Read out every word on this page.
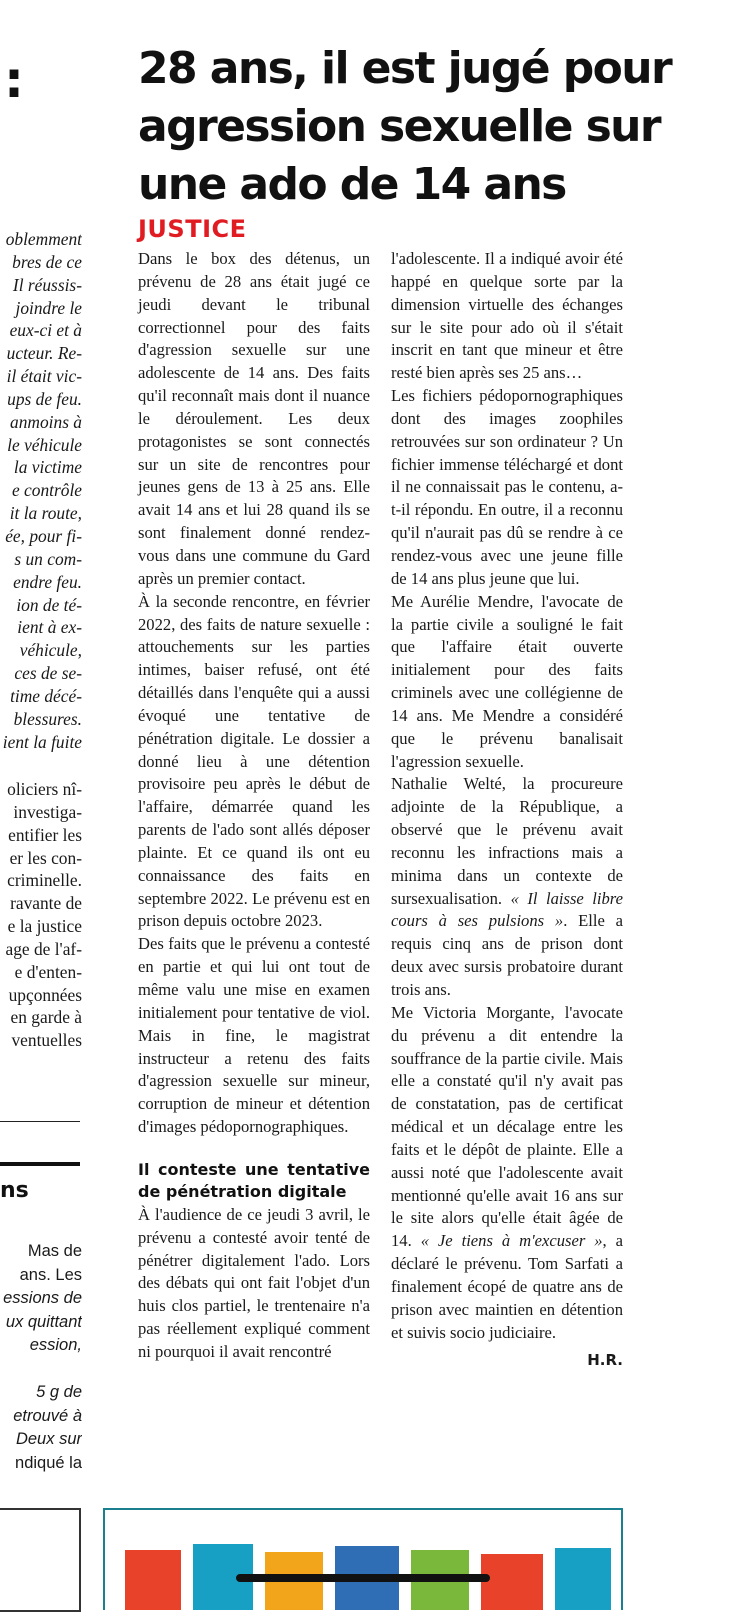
:
oblemment
bres de ce
Il réussis-
joindre le
eux-ci et à
ucteur. Re-
il était vic-
ups de feu.
anmoins à
le véhicule
la victime
e contrôle
it la route,
ée, pour fi-
s un com-
endre feu.
ion de té-
ient à ex-
véhicule,
ces de se-
time décé-
blessures.
ient la fuite
oliciers nî-
investiga-
entifier les
er les con-
criminelle.
ravante de
e la justice
age de l'af-
e d'enten-
upçonnées
en garde à
ventuelles
ns
Mas de
ans. Les
essions de
ux quittant
ession,

5 g de
etrouvé à
Deux sur
ndiqué la
28 ans, il est jugé pour
agression sexuelle sur
une ado de 14 ans
JUSTICE

Dans le box des détenus, un prévenu de 28 ans était jugé ce jeudi devant le tribunal correctionnel pour des faits d'agression sexuelle sur une adolescente de 14 ans. Des faits qu'il reconnaît mais dont il nuance le déroulement. Les deux protagonistes se sont connectés sur un site de rencontres pour jeunes gens de 13 à 25 ans. Elle avait 14 ans et lui 28 quand ils se sont finalement donné rendez-vous dans une commune du Gard après un premier contact.

À la seconde rencontre, en février 2022, des faits de nature sexuelle : attouchements sur les parties intimes, baiser refusé, ont été détaillés dans l'enquête qui a aussi évoqué une tentative de pénétration digitale. Le dossier a donné lieu à une détention provisoire peu après le début de l'affaire, démarrée quand les parents de l'ado sont allés déposer plainte. Et ce quand ils ont eu connaissance des faits en septembre 2022. Le prévenu est en prison depuis octobre 2023.

Des faits que le prévenu a contesté en partie et qui lui ont tout de même valu une mise en examen initialement pour tentative de viol. Mais in fine, le magistrat instructeur a retenu des faits d'agression sexuelle sur mineur, corruption de mineur et détention d'images pédopornographiques.

Il conteste une tentative de pénétration digitale

À l'audience de ce jeudi 3 avril, le prévenu a contesté avoir tenté de pénétrer digitalement l'ado. Lors des débats qui ont fait l'objet d'un huis clos partiel, le trentenaire n'a pas réellement expliqué comment ni pourquoi il avait rencontré

l'adolescente. Il a indiqué avoir été happé en quelque sorte par la dimension virtuelle des échanges sur le site pour ado où il s'était inscrit en tant que mineur et être resté bien après ses 25 ans…

Les fichiers pédopornographiques dont des images zoophiles retrouvées sur son ordinateur ? Un fichier immense téléchargé et dont il ne connaissait pas le contenu, a-t-il répondu. En outre, il a reconnu qu'il n'aurait pas dû se rendre à ce rendez-vous avec une jeune fille de 14 ans plus jeune que lui.

Me Aurélie Mendre, l'avocate de la partie civile a souligné le fait que l'affaire était ouverte initialement pour des faits criminels avec une collégienne de 14 ans. Me Mendre a considéré que le prévenu banalisait l'agression sexuelle.

Nathalie Welté, la procureure adjointe de la République, a observé que le prévenu avait reconnu les infractions mais a minima dans un contexte de sursexualisation. « Il laisse libre cours à ses pulsions ». Elle a requis cinq ans de prison dont deux avec sursis probatoire durant trois ans.

Me Victoria Morgante, l'avocate du prévenu a dit entendre la souffrance de la partie civile. Mais elle a constaté qu'il n'y avait pas de constatation, pas de certificat médical et un décalage entre les faits et le dépôt de plainte. Elle a aussi noté que l'adolescente avait mentionné qu'elle avait 16 ans sur le site alors qu'elle était âgée de 14. « Je tiens à m'excuser », a déclaré le prévenu. Tom Sarfati a finalement écopé de quatre ans de prison avec maintien en détention et suivis socio judiciaire.

H.R.
